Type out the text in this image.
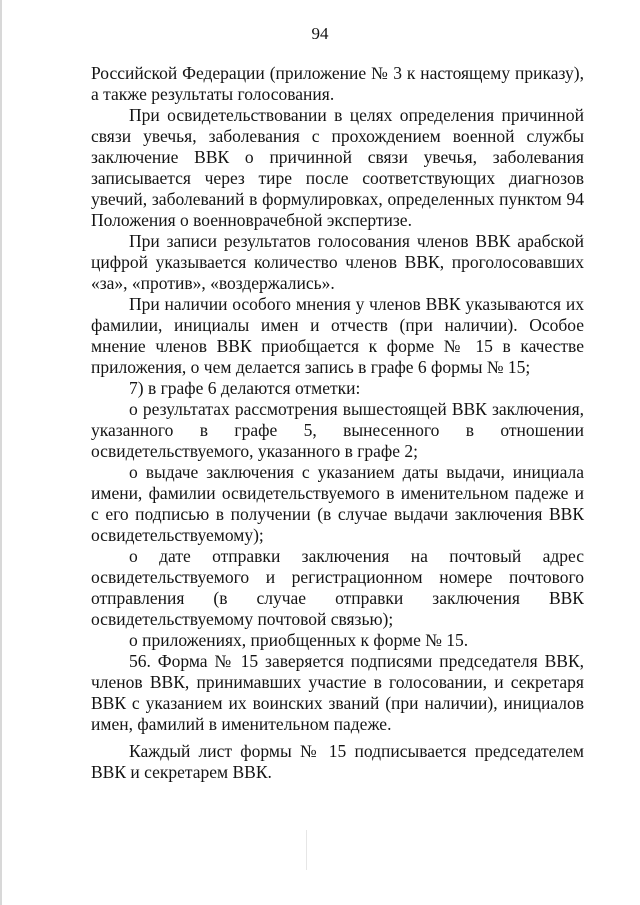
94

Российской Федерации (приложение № 3 к настоящему приказу), а также результаты голосования.

При освидетельствовании в целях определения причинной связи увечья, заболевания с прохождением военной службы заключение ВВК о причинной связи увечья, заболевания записывается через тире после соответствующих диагнозов увечий, заболеваний в формулировках, определенных пунктом 94 Положения о военноврачебной экспертизе.

При записи результатов голосования членов ВВК арабской цифрой указывается количество членов ВВК, проголосовавших «за», «против», «воздержались».

При наличии особого мнения у членов ВВК указываются их фамилии, инициалы имен и отчеств (при наличии). Особое мнение членов ВВК приобщается к форме № 15 в качестве приложения, о чем делается запись в графе 6 формы № 15;

7) в графе 6 делаются отметки:

о результатах рассмотрения вышестоящей ВВК заключения, указанного в графе 5, вынесенного в отношении освидетельствуемого, указанного в графе 2;

о выдаче заключения с указанием даты выдачи, инициала имени, фамилии освидетельствуемого в именительном падеже и с его подписью в получении (в случае выдачи заключения ВВК освидетельствуемому);

о дате отправки заключения на почтовый адрес освидетельствуемого и регистрационном номере почтового отправления (в случае отправки заключения ВВК освидетельствуемому почтовой связью);

о приложениях, приобщенных к форме № 15.

56. Форма № 15 заверяется подписями председателя ВВК, членов ВВК, принимавших участие в голосовании, и секретаря ВВК с указанием их воинских званий (при наличии), инициалов имен, фамилий в именительном падеже.

Каждый лист формы № 15 подписывается председателем ВВК и секретарем ВВК.
